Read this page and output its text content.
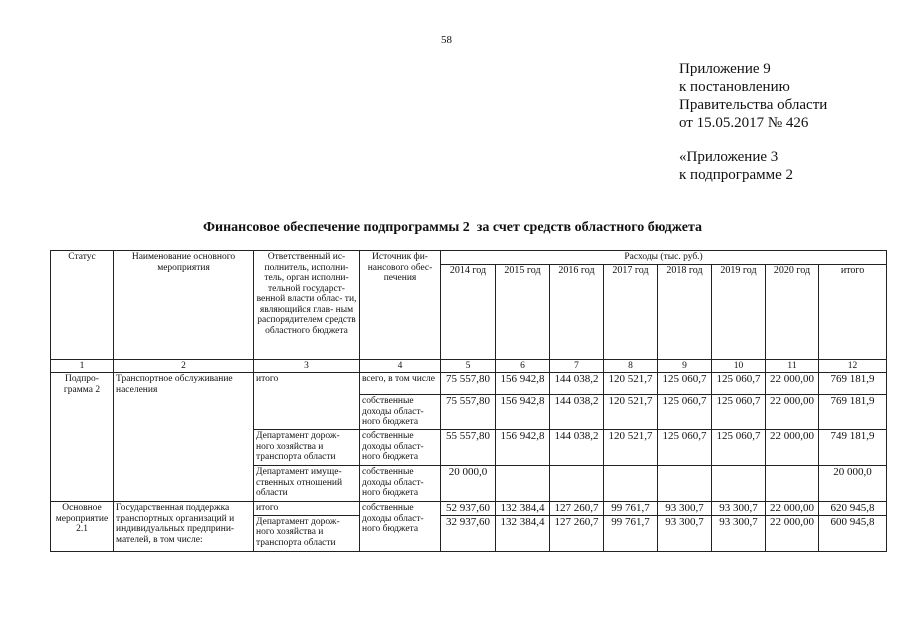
58
Приложение 9
к постановлению
Правительства области
от 15.05.2017 № 426
«Приложение 3
к подпрограмме 2
Финансовое обеспечение подпрограммы 2  за счет средств областного бюджета
Статус	Наименование основного мероприятия	Ответственный ис- полнитель, исполни- тель, орган исполни- тельной государст- венной власти облас- ти, являющийся глав- ным распорядителем средств областного бюджета	Источник фи- нансового обес- печения	Расходы (тыс. руб.)							
				2014 год	2015 год	2016 год	2017 год	2018 год	2019 год	2020 год	итого
1	2	3	4	5	6	7	8	9	10	11	12
Подпро- грамма 2	Транспортное обслуживание населения	итого	всего, в том числе	75 557,80	156 942,8	144 038,2	120 521,7	125 060,7	125 060,7	22 000,00	769 181,9
			собственные доходы област- ного бюджета	75 557,80	156 942,8	144 038,2	120 521,7	125 060,7	125 060,7	22 000,00	769 181,9
		Департамент дорож- ного хозяйства и транспорта области	собственные доходы област- ного бюджета	55 557,80	156 942,8	144 038,2	120 521,7	125 060,7	125 060,7	22 000,00	749 181,9
		Департамент имуще- ственных отношений области	собственные доходы област- ного бюджета	20 000,0							20 000,0
Основное мероприятие 2.1	Государственная поддержка транспортных организаций и индивидуальных предприни- мателей, в том числе:	итого	собственные доходы област- ного бюджета	52 937,60	132 384,4	127 260,7	99 761,7	93 300,7	93 300,7	22 000,00	620 945,8
		Департамент дорож- ного хозяйства и транспорта области		32 937,60	132 384,4	127 260,7	99 761,7	93 300,7	93 300,7	22 000,00	600 945,8
